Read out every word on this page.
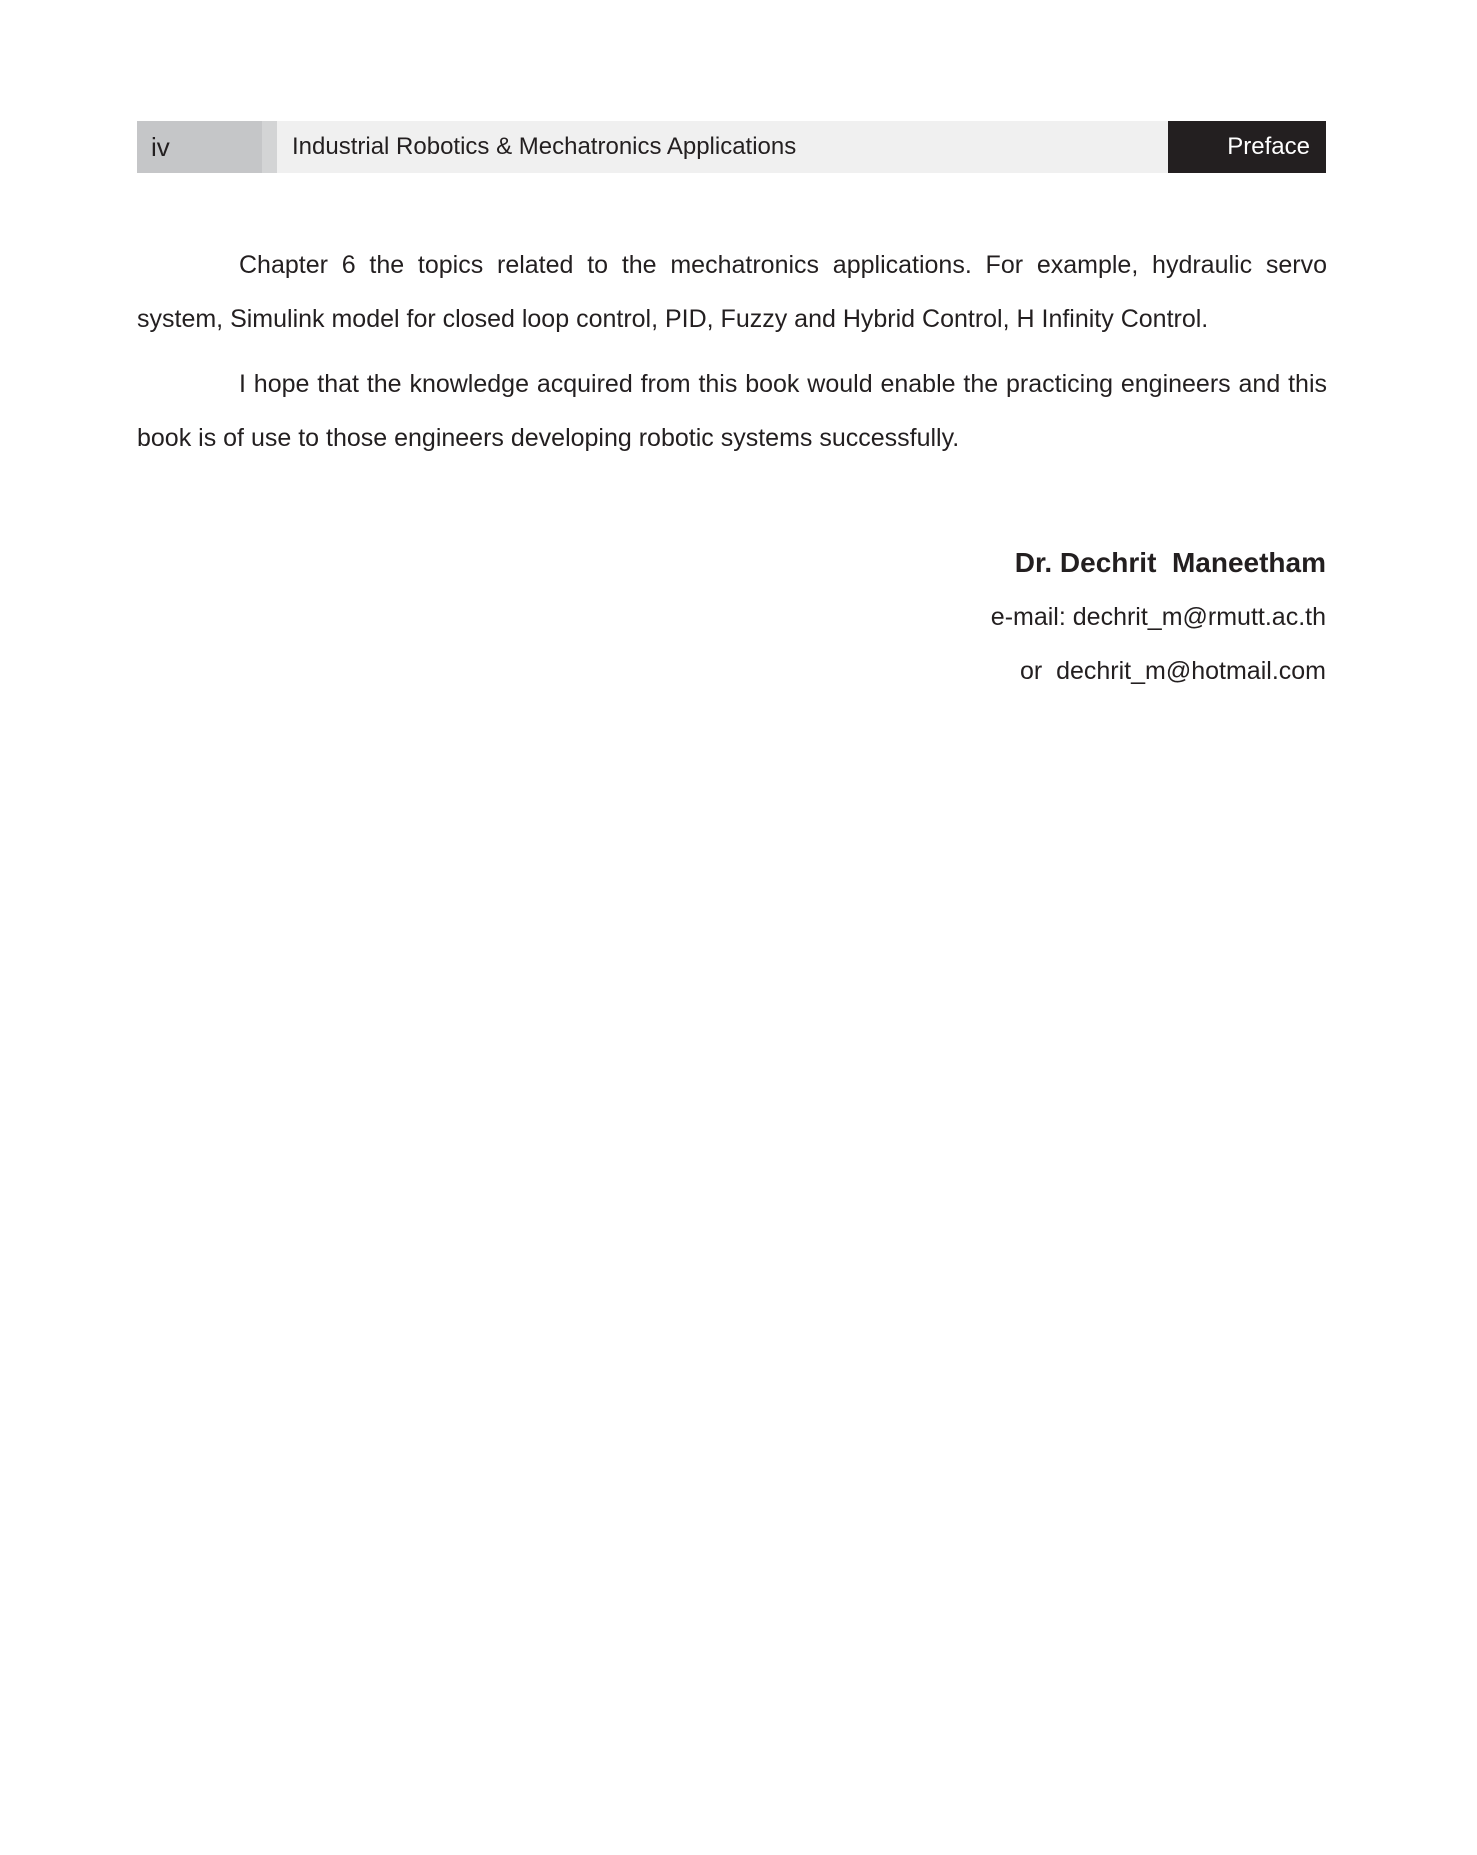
iv	Industrial Robotics & Mechatronics Applications	Preface

Chapter 6 the topics related to the mechatronics applications. For example, hydraulic servo system, Simulink model for closed loop control, PID, Fuzzy and Hybrid Control, H Infinity Control.

I hope that the knowledge acquired from this book would enable the practicing engineers and this book is of use to those engineers developing robotic systems successfully.

Dr. Dechrit  Maneetham
e-mail: dechrit_m@rmutt.ac.th
or  dechrit_m@hotmail.com
